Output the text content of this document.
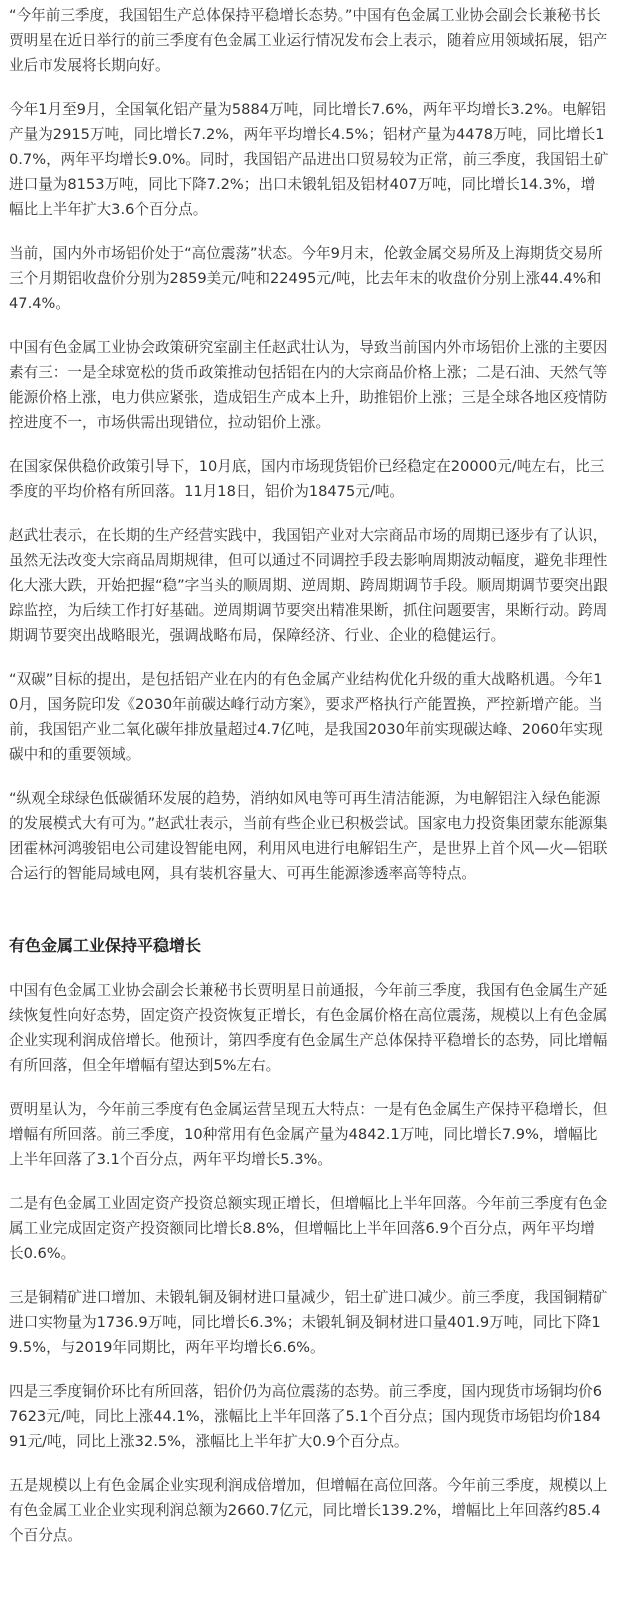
“今年前三季度，我国铝生产总体保持平稳增长态势。”中国有色金属工业协会副会长兼秘书长贾明星在近日举行的前三季度有色金属工业运行情况发布会上表示，随着应用领域拓展，铝产业后市发展将长期向好。

今年1月至9月，全国氧化铝产量为5884万吨，同比增长7.6%，两年平均增长3.2%。电解铝产量为2915万吨，同比增长7.2%，两年平均增长4.5%；铝材产量为4478万吨，同比增长10.7%，两年平均增长9.0%。同时，我国铝产品进出口贸易较为正常，前三季度，我国铝土矿进口量为8153万吨，同比下降7.2%；出口未锻轧铝及铝材407万吨，同比增长14.3%，增幅比上半年扩大3.6个百分点。

当前，国内外市场铝价处于“高位震荡”状态。今年9月末，伦敦金属交易所及上海期货交易所三个月期铝收盘价分别为2859美元/吨和22495元/吨，比去年末的收盘价分别上涨44.4%和47.4%。

中国有色金属工业协会政策研究室副主任赵武壮认为，导致当前国内外市场铝价上涨的主要因素有三：一是全球宽松的货币政策推动包括铝在内的大宗商品价格上涨；二是石油、天然气等能源价格上涨，电力供应紧张，造成铝生产成本上升，助推铝价上涨；三是全球各地区疫情防控进度不一，市场供需出现错位，拉动铝价上涨。

在国家保供稳价政策引导下，10月底，国内市场现货铝价已经稳定在20000元/吨左右，比三季度的平均价格有所回落。11月18日，铝价为18475元/吨。

赵武壮表示，在长期的生产经营实践中，我国铝产业对大宗商品市场的周期已逐步有了认识，虽然无法改变大宗商品周期规律，但可以通过不同调控手段去影响周期波动幅度，避免非理性化大涨大跌，开始把握“稳”字当头的顺周期、逆周期、跨周期调节手段。顺周期调节要突出跟踪监控，为后续工作打好基础。逆周期调节要突出精准果断，抓住问题要害，果断行动。跨周期调节要突出战略眼光，强调战略布局，保障经济、行业、企业的稳健运行。

“双碳”目标的提出，是包括铝产业在内的有色金属产业结构优化升级的重大战略机遇。今年10月，国务院印发《2030年前碳达峰行动方案》，要求严格执行产能置换，严控新增产能。当前，我国铝产业二氧化碳年排放量超过4.7亿吨，是我国2030年前实现碳达峰、2060年实现碳中和的重要领域。

“纵观全球绿色低碳循环发展的趋势，消纳如风电等可再生清洁能源，为电解铝注入绿色能源的发展模式大有可为。”赵武壮表示，当前有些企业已积极尝试。国家电力投资集团蒙东能源集团霍林河鸿骏铝电公司建设智能电网，利用风电进行电解铝生产，是世界上首个风—火—铝联合运行的智能局域电网，具有装机容量大、可再生能源渗透率高等特点。

有色金属工业保持平稳增长

中国有色金属工业协会副会长兼秘书长贾明星日前通报，今年前三季度，我国有色金属生产延续恢复性向好态势，固定资产投资恢复正增长，有色金属价格在高位震荡，规模以上有色金属企业实现利润成倍增长。他预计，第四季度有色金属生产总体保持平稳增长的态势，同比增幅有所回落，但全年增幅有望达到5%左右。

贾明星认为，今年前三季度有色金属运营呈现五大特点：一是有色金属生产保持平稳增长，但增幅有所回落。前三季度，10种常用有色金属产量为4842.1万吨，同比增长7.9%，增幅比上半年回落了3.1个百分点，两年平均增长5.3%。

二是有色金属工业固定资产投资总额实现正增长，但增幅比上半年回落。今年前三季度有色金属工业完成固定资产投资额同比增长8.8%，但增幅比上半年回落6.9个百分点，两年平均增长0.6%。

三是铜精矿进口增加、未锻轧铜及铜材进口量减少，铝土矿进口减少。前三季度，我国铜精矿进口实物量为1736.9万吨，同比增长6.3%；未锻轧铜及铜材进口量401.9万吨，同比下降19.5%，与2019年同期比，两年平均增长6.6%。

四是三季度铜价环比有所回落，铝价仍为高位震荡的态势。前三季度，国内现货市场铜均价67623元/吨，同比上涨44.1%，涨幅比上半年回落了5.1个百分点；国内现货市场铝均价18491元/吨，同比上涨32.5%，涨幅比上半年扩大0.9个百分点。

五是规模以上有色金属企业实现利润成倍增加，但增幅在高位回落。今年前三季度，规模以上有色金属工业企业实现利润总额为2660.7亿元，同比增长139.2%，增幅比上年回落约85.4个百分点。
